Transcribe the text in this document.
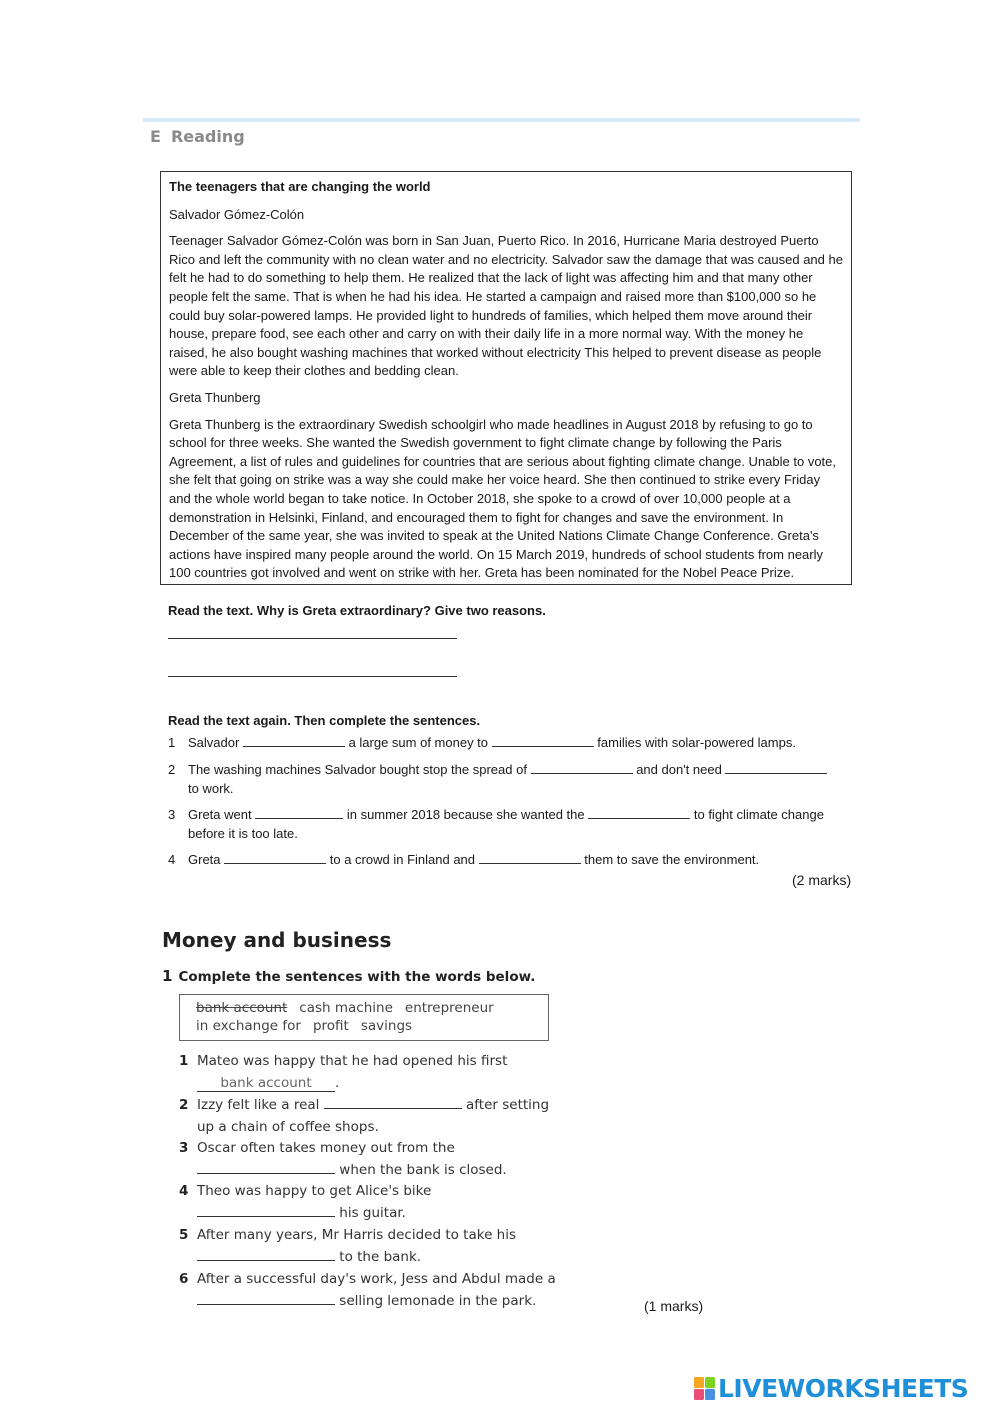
E Reading

The teenagers that are changing the world

Salvador Gómez-Colón

Teenager Salvador Gómez-Colón was born in San Juan, Puerto Rico. In 2016, Hurricane Maria destroyed Puerto Rico and left the community with no clean water and no electricity. Salvador saw the damage that was caused and he felt he had to do something to help them. He realized that the lack of light was affecting him and that many other people felt the same. That is when he had his idea. He started a campaign and raised more than $100,000 so he could buy solar-powered lamps. He provided light to hundreds of families, which helped them move around their house, prepare food, see each other and carry on with their daily life in a more normal way. With the money he raised, he also bought washing machines that worked without electricity This helped to prevent disease as people were able to keep their clothes and bedding clean.

Greta Thunberg

Greta Thunberg is the extraordinary Swedish schoolgirl who made headlines in August 2018 by refusing to go to school for three weeks. She wanted the Swedish government to fight climate change by following the Paris Agreement, a list of rules and guidelines for countries that are serious about fighting climate change. Unable to vote, she felt that going on strike was a way she could make her voice heard. She then continued to strike every Friday and the whole world began to take notice. In October 2018, she spoke to a crowd of over 10,000 people at a demonstration in Helsinki, Finland, and encouraged them to fight for changes and save the environment. In December of the same year, she was invited to speak at the United Nations Climate Change Conference. Greta's actions have inspired many people around the world. On 15 March 2019, hundreds of school students from nearly 100 countries got involved and went on strike with her. Greta has been nominated for the Nobel Peace Prize.

Read the text. Why is Greta extraordinary? Give two reasons.
Read the text again. Then complete the sentences.
1 Salvador	a large sum of money to	families with solar-powered lamps.
2 The washing machines Salvador bought stop the spread of	and don't need
to work.
3 Greta went	in summer 2018 because she wanted the	to fight climate change
before it is too late.
4 Greta	to a crowd in Finland and	them to save the environment.
(2 marks)
Money and business
1 Complete the sentences with the words below.
bank account cash machine entrepreneur
in exchange for profit savings
1 Mateo was happy that he had opened his first
bank account .
2 Izzy felt like a real	after setting
up a chain of coffee shops.
3 Oscar often takes money out from the
when the bank is closed.
4 Theo was happy to get Alice's bike
his guitar.
5 After many years, Mr Harris decided to take his
to the bank.
6 After a successful day's work, Jess and Abdul made a
selling lemonade in the park.	(1 marks)
LIVEWORKSHEETS
